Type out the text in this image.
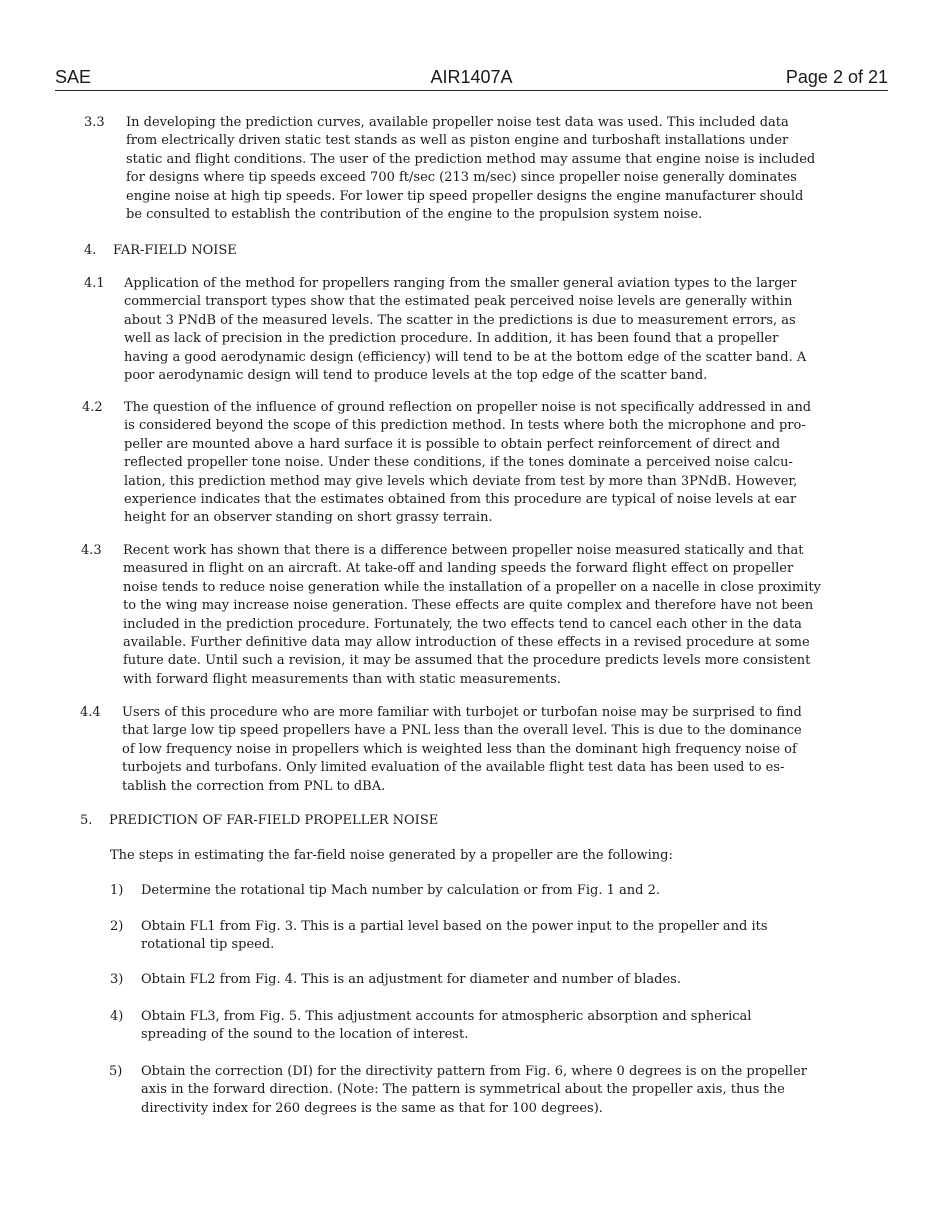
SAE	AIR1407A	Page 2 of 21
3.3 In developing the prediction curves, available propeller noise test data was used. This included data
from electrically driven static test stands as well as piston engine and turboshaft installations under
static and flight conditions. The user of the prediction method may assume that engine noise is included
for designs where tip speeds exceed 700 ft/sec (213 m/sec) since propeller noise generally dominates
engine noise at high tip speeds. For lower tip speed propeller designs the engine manufacturer should
be consulted to establish the contribution of the engine to the propulsion system noise.
4. FAR-FIELD NOISE
4.1 Application of the method for propellers ranging from the smaller general aviation types to the larger
commercial transport types show that the estimated peak perceived noise levels are generally within
about 3 PNdB of the measured levels. The scatter in the predictions is due to measurement errors, as
well as lack of precision in the prediction procedure. In addition, it has been found that a propeller
having a good aerodynamic design (efficiency) will tend to be at the bottom edge of the scatter band. A
poor aerodynamic design will tend to produce levels at the top edge of the scatter band.
4.2 The question of the influence of ground reflection on propeller noise is not specifically addressed in and
is considered beyond the scope of this prediction method. In tests where both the microphone and pro-
peller are mounted above a hard surface it is possible to obtain perfect reinforcement of direct and
reflected propeller tone noise. Under these conditions, if the tones dominate a perceived noise calcu-
lation, this prediction method may give levels which deviate from test by more than 3PNdB. However,
experience indicates that the estimates obtained from this procedure are typical of noise levels at ear
height for an observer standing on short grassy terrain.
4.3 Recent work has shown that there is a difference between propeller noise measured statically and that
measured in flight on an aircraft. At take-off and landing speeds the forward flight effect on propeller
noise tends to reduce noise generation while the installation of a propeller on a nacelle in close proximity
to the wing may increase noise generation. These effects are quite complex and therefore have not been
included in the prediction procedure. Fortunately, the two effects tend to cancel each other in the data
available. Further definitive data may allow introduction of these effects in a revised procedure at some
future date. Until such a revision, it may be assumed that the procedure predicts levels more consistent
with forward flight measurements than with static measurements.
4.4 Users of this procedure who are more familiar with turbojet or turbofan noise may be surprised to find
that large low tip speed propellers have a PNL less than the overall level. This is due to the dominance
of low frequency noise in propellers which is weighted less than the dominant high frequency noise of
turbojets and turbofans. Only limited evaluation of the available flight test data has been used to es-
tablish the correction from PNL to dBA.
5. PREDICTION OF FAR-FIELD PROPELLER NOISE
The steps in estimating the far-field noise generated by a propeller are the following:
1) Determine the rotational tip Mach number by calculation or from Fig. 1 and 2.
2) Obtain FL1 from Fig. 3. This is a partial level based on the power input to the propeller and its
rotational tip speed.
3) Obtain FL2 from Fig. 4. This is an adjustment for diameter and number of blades.
4) Obtain FL3, from Fig. 5. This adjustment accounts for atmospheric absorption and spherical
spreading of the sound to the location of interest.
5) Obtain the correction (DI) for the directivity pattern from Fig. 6, where 0 degrees is on the propeller
axis in the forward direction. (Note: The pattern is symmetrical about the propeller axis, thus the
directivity index for 260 degrees is the same as that for 100 degrees).
